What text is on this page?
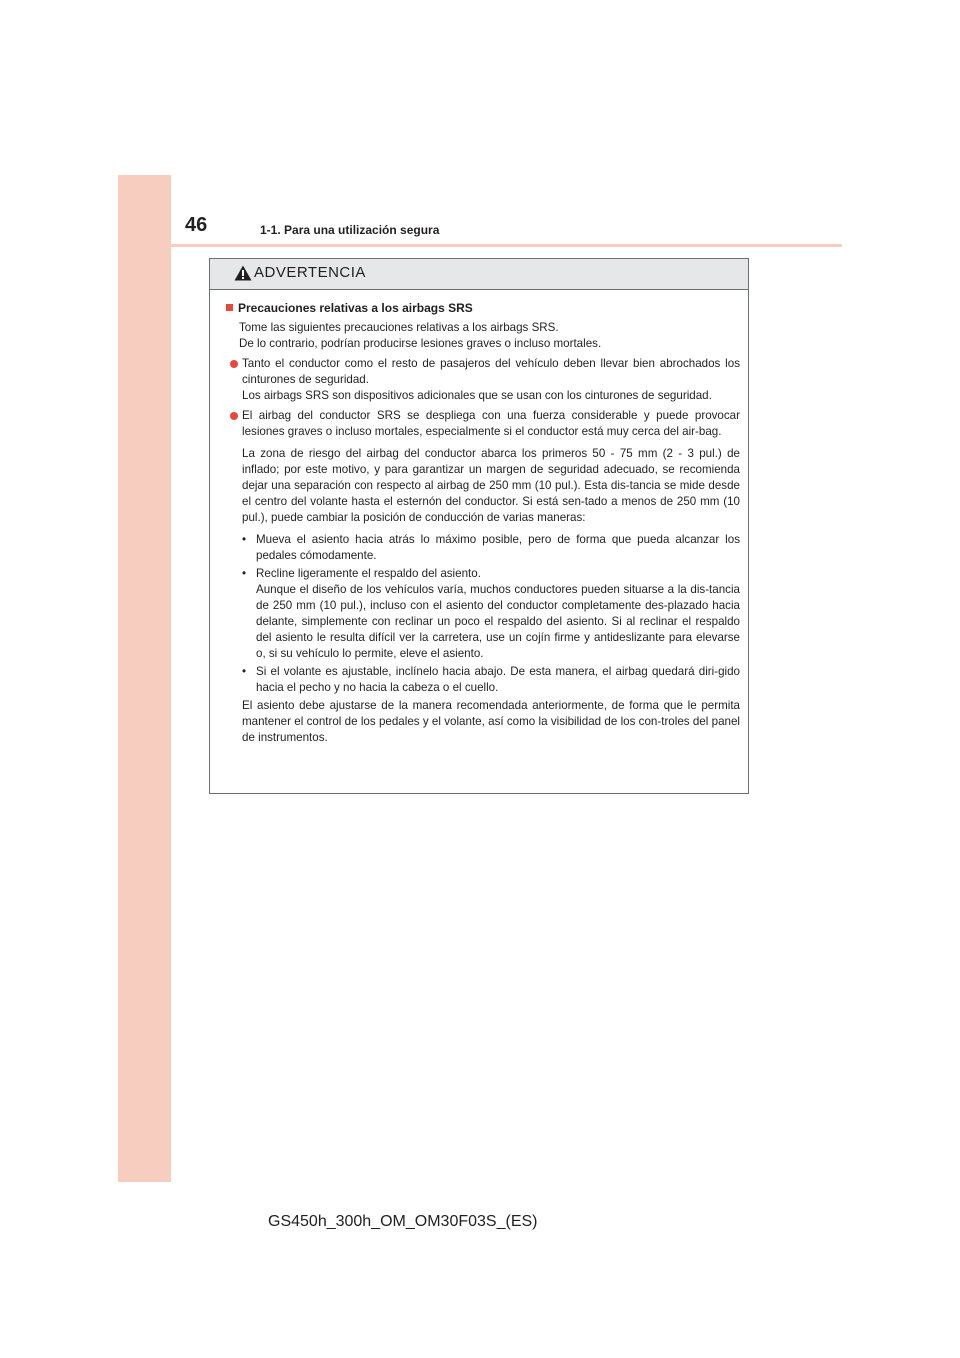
46	1-1. Para una utilización segura
ADVERTENCIA
Precauciones relativas a los airbags SRS

Tome las siguientes precauciones relativas a los airbags SRS.

De lo contrario, podrían producirse lesiones graves o incluso mortales.

Tanto el conductor como el resto de pasajeros del vehículo deben llevar bien abrochados los cinturones de seguridad.

Los airbags SRS son dispositivos adicionales que se usan con los cinturones de seguridad.

El airbag del conductor SRS se despliega con una fuerza considerable y puede provocar lesiones graves o incluso mortales, especialmente si el conductor está muy cerca del air-bag.

La zona de riesgo del airbag del conductor abarca los primeros 50 - 75 mm (2 - 3 pul.) de inflado; por este motivo, y para garantizar un margen de seguridad adecuado, se recomienda dejar una separación con respecto al airbag de 250 mm (10 pul.). Esta dis-tancia se mide desde el centro del volante hasta el esternón del conductor. Si está sen-tado a menos de 250 mm (10 pul.), puede cambiar la posición de conducción de varias maneras:

• Mueva el asiento hacia atrás lo máximo posible, pero de forma que pueda alcanzar los pedales cómodamente.

• Recline ligeramente el respaldo del asiento.

Aunque el diseño de los vehículos varía, muchos conductores pueden situarse a la dis-tancia de 250 mm (10 pul.), incluso con el asiento del conductor completamente des-plazado hacia delante, simplemente con reclinar un poco el respaldo del asiento. Si al reclinar el respaldo del asiento le resulta difícil ver la carretera, use un cojín firme y antideslizante para elevarse o, si su vehículo lo permite, eleve el asiento.

• Si el volante es ajustable, inclínelo hacia abajo. De esta manera, el airbag quedará diri-gido hacia el pecho y no hacia la cabeza o el cuello.

El asiento debe ajustarse de la manera recomendada anteriormente, de forma que le permita mantener el control de los pedales y el volante, así como la visibilidad de los con-troles del panel de instrumentos.

GS450h_300h_OM_OM30F03S_(ES)
